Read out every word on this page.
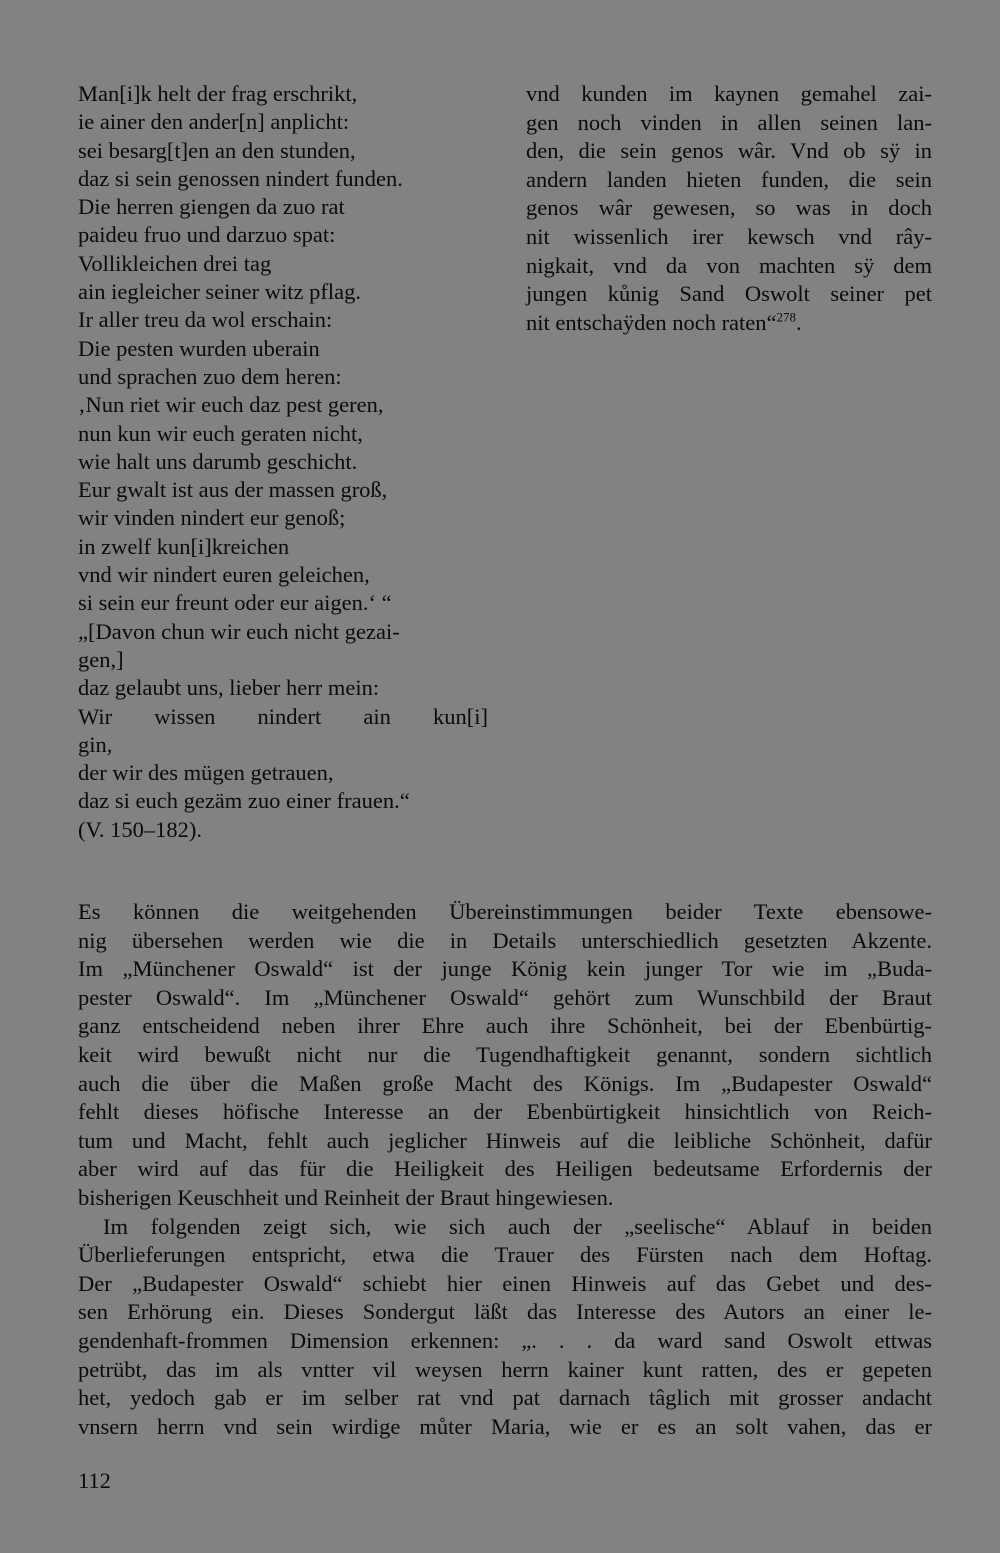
Man[i]k helt der frag erschrikt,
ie ainer den ander[n] anplicht:
sei besarg[t]en an den stunden,
daz si sein genossen nindert funden.
Die herren giengen da zuo rat
paideu fruo und darzuo spat:
Vollikleichen drei tag
ain iegleicher seiner witz pflag.
Ir aller treu da wol erschain:
Die pesten wurden uberain
und sprachen zuo dem heren:
‚Nun riet wir euch daz pest geren,
nun kun wir euch geraten nicht,
wie halt uns darumb geschicht.
Eur gwalt ist aus der massen groß,
wir vinden nindert eur genoß;
in zwelf kun[i]kreichen
vnd wir nindert euren geleichen,
si sein eur freunt oder eur aigen.‘ “
„[Davon chun wir euch nicht gezai-
gen,]
daz gelaubt uns, lieber herr mein:
Wir wissen nindert ain kun[i]
gin,
der wir des mügen getrauen,
daz si euch gezäm zuo einer frauen.“
(V. 150–182).
vnd kunden im kaynen gemahel zai-
gen noch vinden in allen seinen lan-
den, die sein genos wâr. Vnd ob sÿ in
andern landen hieten funden, die sein
genos wâr gewesen, so was in doch
nit wissenlich irer kewsch vnd rây-
nigkait, vnd da von machten sÿ dem
jungen kůnig Sand Oswolt seiner pet
nit entschaÿden noch raten“$^{278}$.
Es können die weitgehenden Übereinstimmungen beider Texte ebensowe-
nig übersehen werden wie die in Details unterschiedlich gesetzten Akzente.
Im „Münchener Oswald“ ist der junge König kein junger Tor wie im „Buda-
pester Oswald“. Im „Münchener Oswald“ gehört zum Wunschbild der Braut
ganz entscheidend neben ihrer Ehre auch ihre Schönheit, bei der Ebenbürtig-
keit wird bewußt nicht nur die Tugendhaftigkeit genannt, sondern sichtlich
auch die über die Maßen große Macht des Königs. Im „Budapester Oswald“
fehlt dieses höfische Interesse an der Ebenbürtigkeit hinsichtlich von Reich-
tum und Macht, fehlt auch jeglicher Hinweis auf die leibliche Schönheit, dafür
aber wird auf das für die Heiligkeit des Heiligen bedeutsame Erfordernis der
bisherigen Keuschheit und Reinheit der Braut hingewiesen.
Im folgenden zeigt sich, wie sich auch der „seelische“ Ablauf in beiden
Überlieferungen entspricht, etwa die Trauer des Fürsten nach dem Hoftag.
Der „Budapester Oswald“ schiebt hier einen Hinweis auf das Gebet und des-
sen Erhörung ein. Dieses Sondergut läßt das Interesse des Autors an einer le-
gendenhaft-frommen Dimension erkennen: „. . . da ward sand Oswolt ettwas
petrübt, das im als vntter vil weysen herrn kainer kunt ratten, des er gepeten
het, yedoch gab er im selber rat vnd pat darnach tâglich mit grosser andacht
vnsern herrn vnd sein wirdige můter Maria, wie er es an solt vahen, das er
112
